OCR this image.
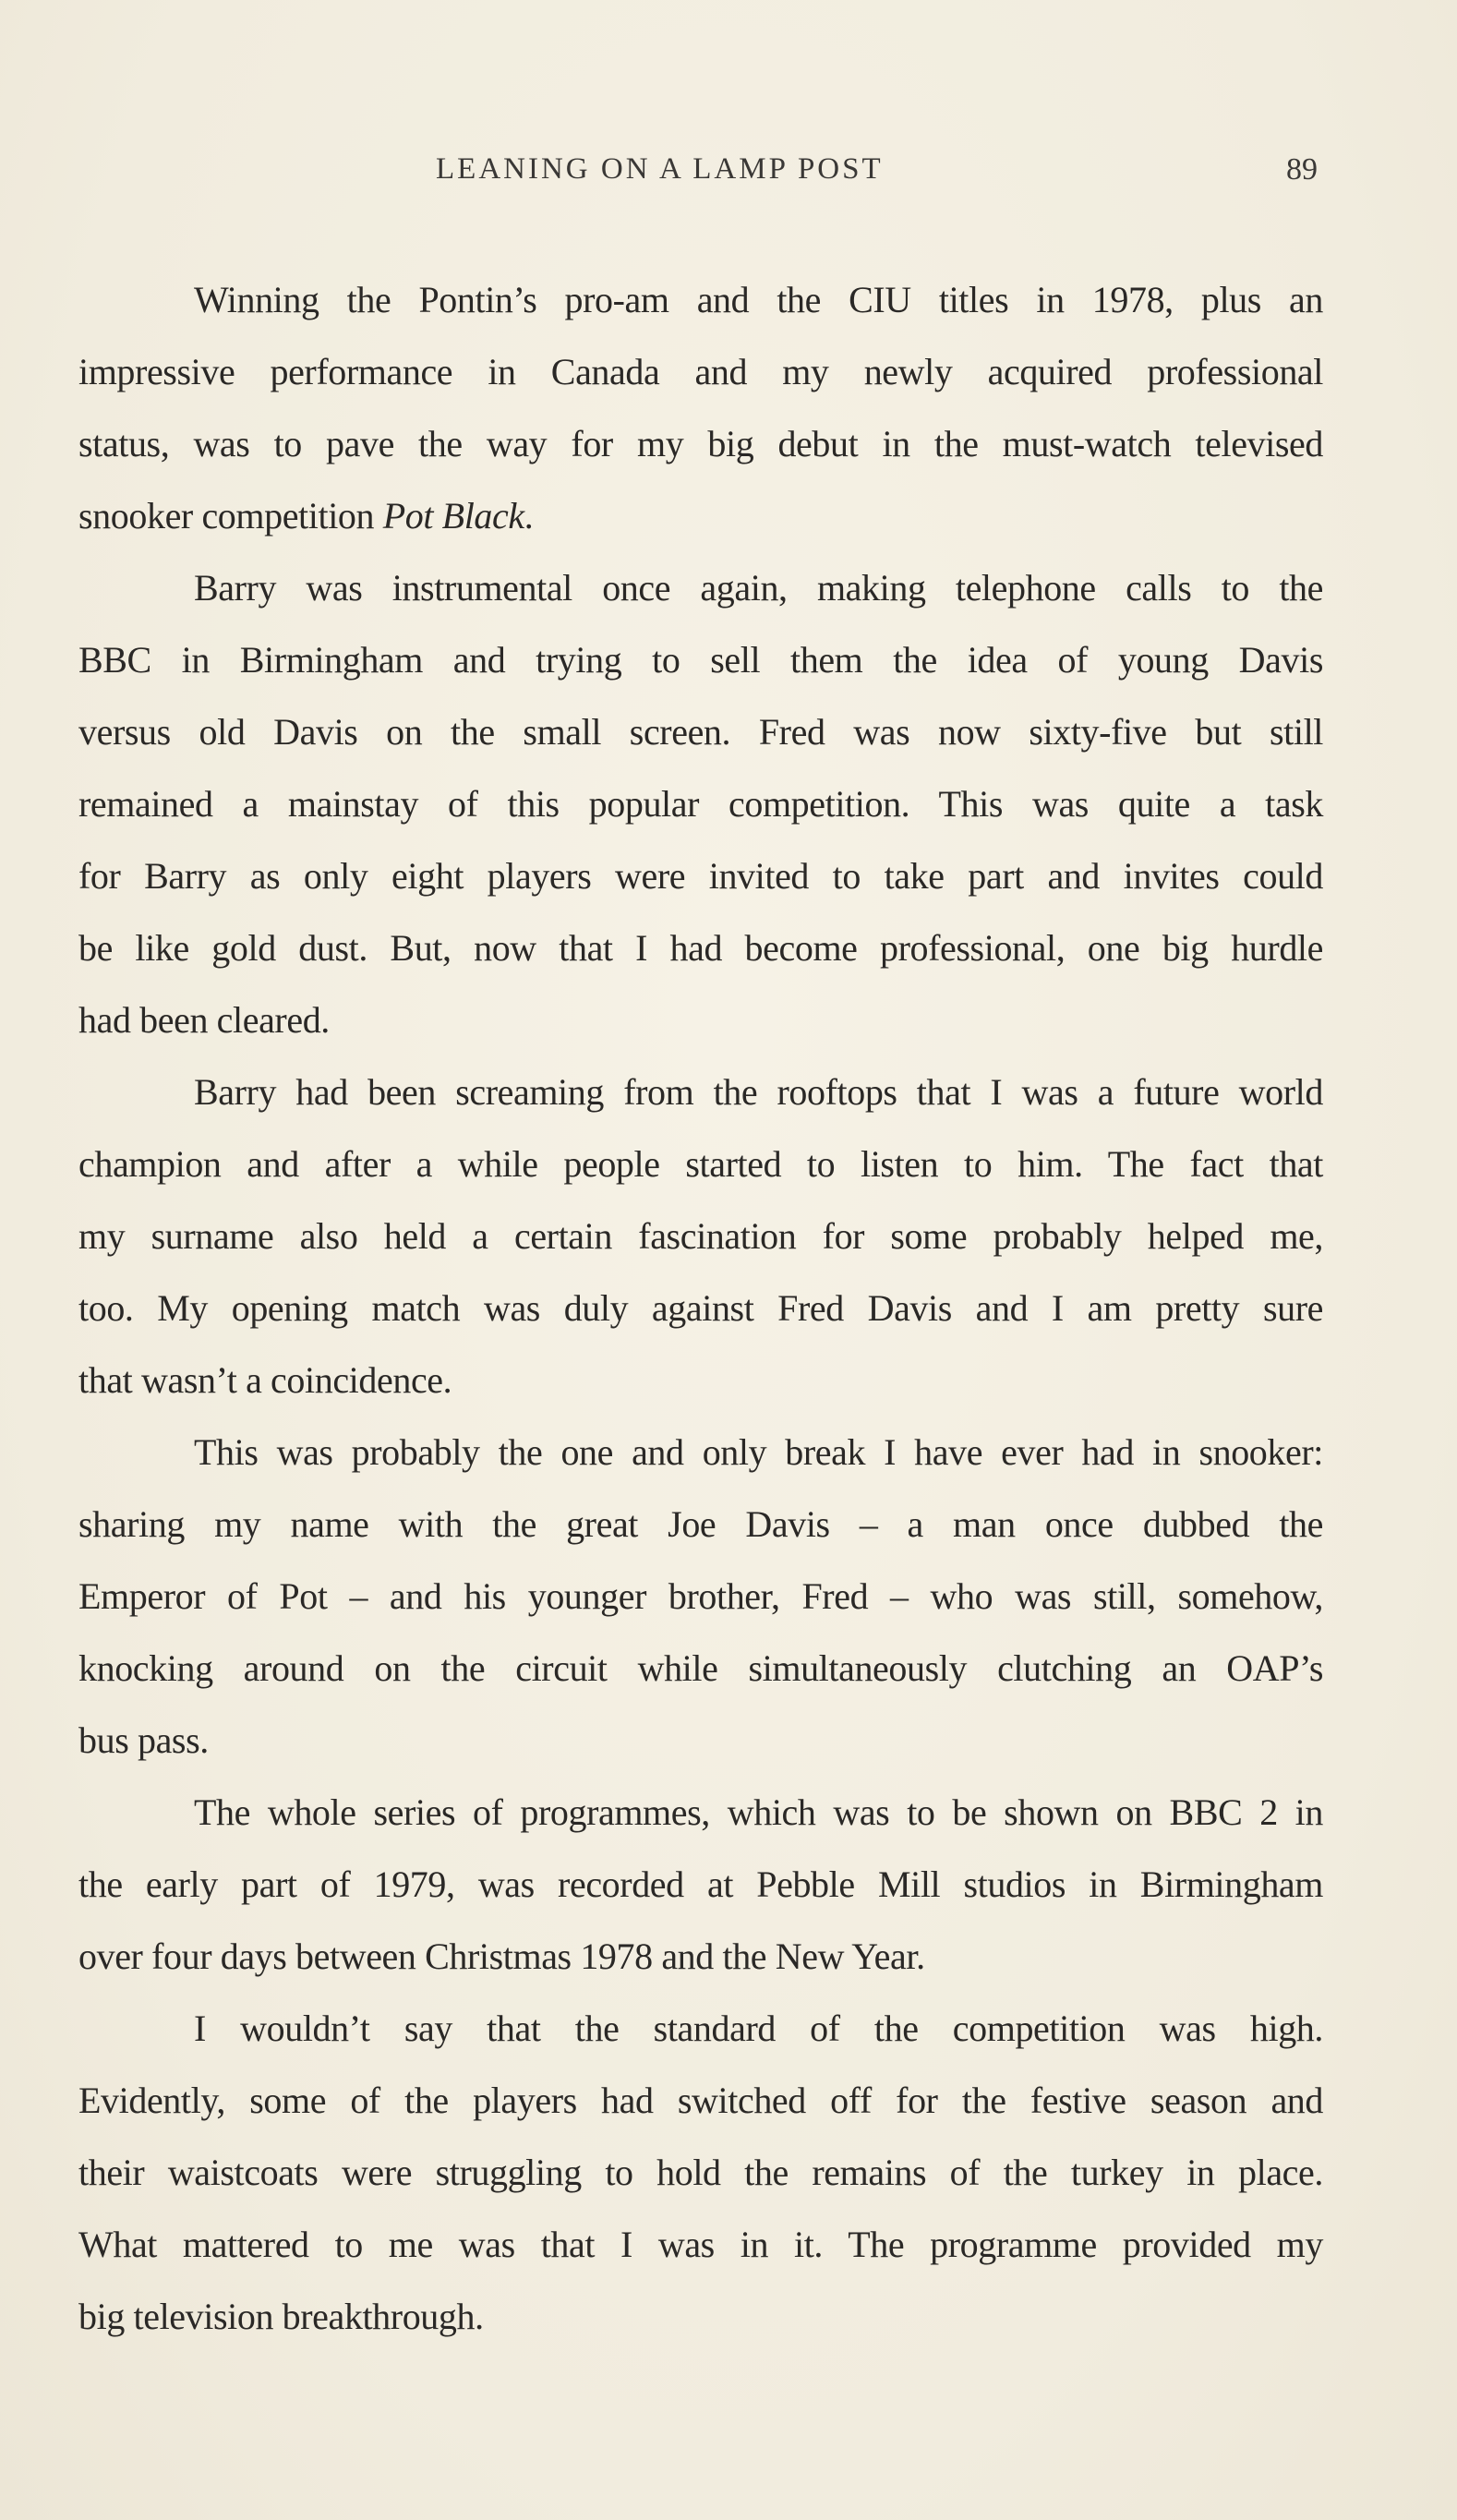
LEANING ON A LAMP POST	89

Winning the Pontin’s pro-am and the CIU titles in 1978, plus an
impressive performance in Canada and my newly acquired professional
status, was to pave the way for my big debut in the must-watch televised
snooker competition Pot Black.

Barry was instrumental once again, making telephone calls to the
BBC in Birmingham and trying to sell them the idea of young Davis
versus old Davis on the small screen. Fred was now sixty-five but still
remained a mainstay of this popular competition. This was quite a task
for Barry as only eight players were invited to take part and invites could
be like gold dust. But, now that I had become professional, one big hurdle
had been cleared.

Barry had been screaming from the rooftops that I was a future world
champion and after a while people started to listen to him. The fact that
my surname also held a certain fascination for some probably helped me,
too. My opening match was duly against Fred Davis and I am pretty sure
that wasn’t a coincidence.

This was probably the one and only break I have ever had in snooker:
sharing my name with the great Joe Davis – a man once dubbed the
Emperor of Pot – and his younger brother, Fred – who was still, somehow,
knocking around on the circuit while simultaneously clutching an OAP’s
bus pass.

The whole series of programmes, which was to be shown on BBC 2 in
the early part of 1979, was recorded at Pebble Mill studios in Birmingham
over four days between Christmas 1978 and the New Year.

I wouldn’t say that the standard of the competition was high.
Evidently, some of the players had switched off for the festive season and
their waistcoats were struggling to hold the remains of the turkey in place.
What mattered to me was that I was in it. The programme provided my
big television breakthrough.
